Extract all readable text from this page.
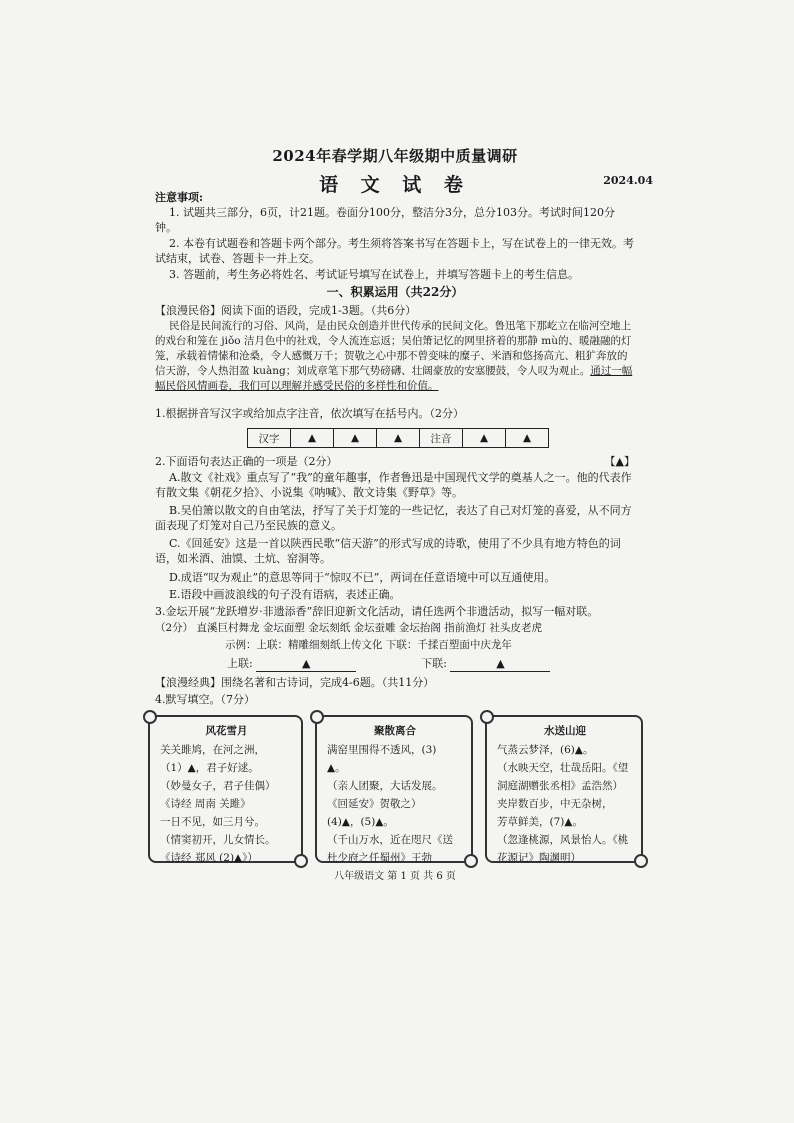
2024年春学期八年级期中质量调研
语 文 试 卷	2024.04
注意事项:
1. 试题共三部分，6页，计21题。卷面分100分，整洁分3分，总分103分。考试时间120分钟。
2. 本卷有试题卷和答题卡两个部分。考生须将答案书写在答题卡上，写在试卷上的一律无效。考试结束，试卷、答题卡一并上交。
3. 答题前，考生务必将姓名、考试证号填写在试卷上，并填写答题卡上的考生信息。
一、积累运用（共22分）
【浪漫民俗】阅读下面的语段，完成1-3题。（共6分）
民俗是民间流行的习俗、风尚，是由民众创造并世代传承的民间文化。鲁迅笔下那屹立在临河空地上的戏台和笼在 jiǒo 洁月色中的社戏，令人流连忘返；吴伯箫记忆的网里挤着的那静 mù的、暖融融的灯笼，承载着情愫和沧桑，令人感慨万千；贺敬之心中那不曾变味的糜子、米酒和悠扬高亢、粗犷奔放的信天游，令人热泪盈 kuàng；刘成章笔下那气势磅礴、壮阔豪放的安塞腰鼓，令人叹为观止。通过一幅幅民俗风情画卷，我们可以理解并感受民俗的多样性和价值。
1.根据拼音写汉字或给加点字注音，依次填写在括号内。（2分）
汉字	▲	▲	▲	注音	▲	▲
2.下面语句表达正确的一项是（2分）	【▲】
A.散文《社戏》重点写了“我”的童年趣事，作者鲁迅是中国现代文学的奠基人之一。他的代表作有散文集《朝花夕拾》、小说集《呐喊》、散文诗集《野草》等。
B.吴伯箫以散文的自由笔法，抒写了关于灯笼的一些记忆，表达了自己对灯笼的喜爱，从不同方面表现了灯笼对自己乃至民族的意义。
C.《回延安》这是一首以陕西民歌“信天游”的形式写成的诗歌，使用了不少具有地方特色的词语，如米酒、油馍、土炕、窑洞等。
D.成语“叹为观止”的意思等同于“惊叹不已”，两词在任意语境中可以互通使用。
E.语段中画波浪线的句子没有语病，表述正确。
3.金坛开展“龙跃增岁·非遗添香”辞旧迎新文化活动，请任选两个非遗活动，拟写一幅对联。
（2分） 直溪巨村舞龙 金坛面塑 金坛刻纸 金坛蚕雕 金坛抬阁 指前渔灯 社头皮老虎
示例：上联：精雕细刻纸上传文化 下联：千揉百塑面中庆龙年
上联:	▲	下联:	▲
【浪漫经典】围绕名著和古诗词，完成4-6题。（共11分）
4.默写填空。（7分）
风花雪月
关关雎鸠，在河之洲，
（1）▲，君子好逑。
（妙曼女子，君子佳偶）
《诗经 周南 关雎》
一日不见，如三月兮。
（情窦初开，儿女情长。
《诗经 郑风 (2)▲》）
聚散离合
满窑里围得不透风，(3)
▲。
（亲人团聚，大话发展。
《回延安》贺敬之）
(4)▲，(5)▲。
（千山万水，近在咫尺《送
杜少府之任蜀州》王勃
水送山迎
气蒸云梦泽，(6)▲。
（水映天空，壮哉岳阳。《望
洞庭湖赠张丞相》孟浩然）
夹岸数百步，中无杂树，
芳草鲜美，(7)▲。
（忽逢桃源，风景怡人。《桃
花源记》陶渊明）
八年级语文 第 1 页 共 6 页
